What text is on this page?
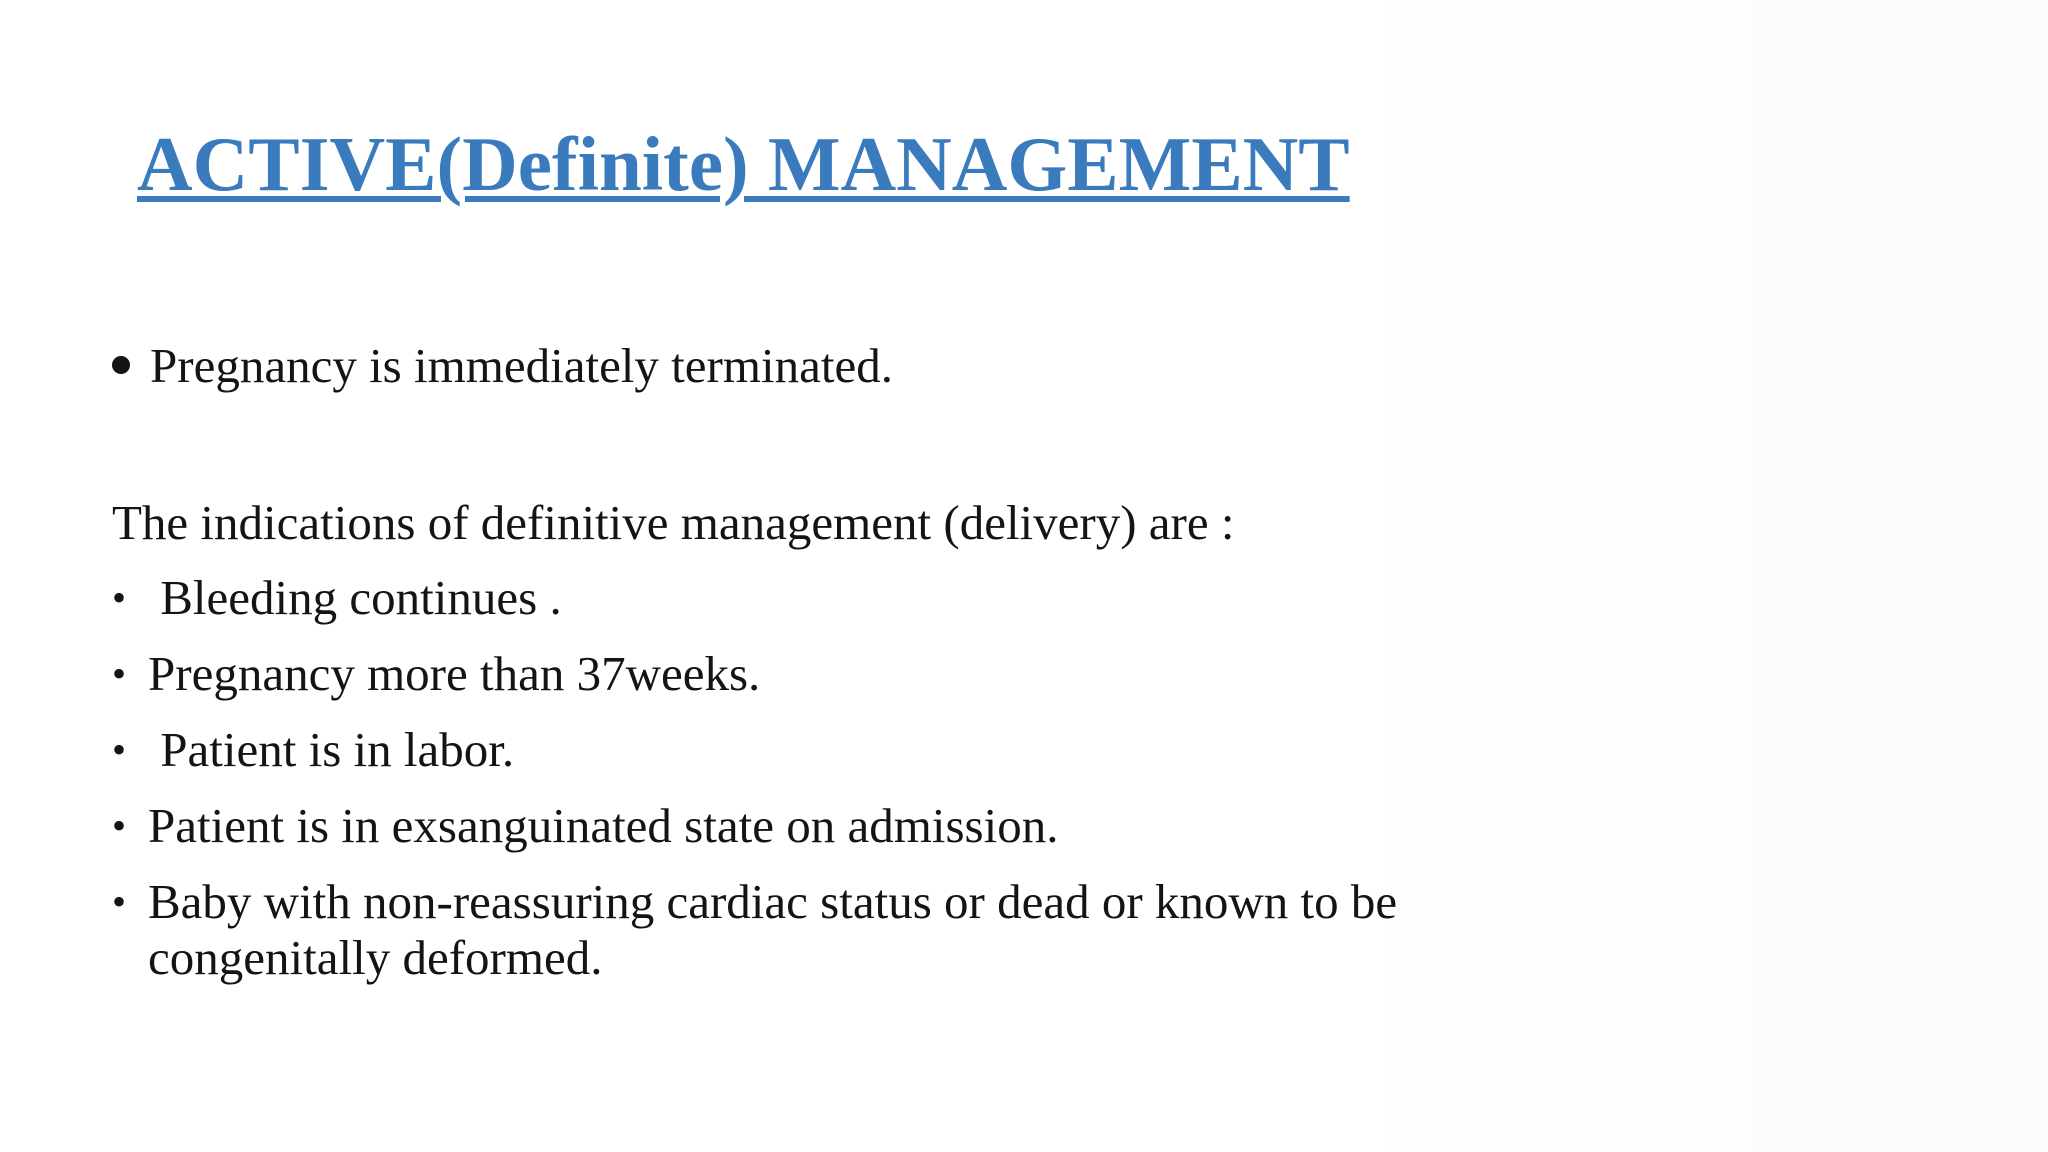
ACTIVE(Definite) MANAGEMENT
Pregnancy is immediately terminated.

The indications of definitive management (delivery) are :

• Bleeding continues .
• Pregnancy more than 37weeks.
• Patient is in labor.
• Patient is in exsanguinated state on admission.
• Baby with non-reassuring cardiac status or dead or known to be congenitally deformed.
